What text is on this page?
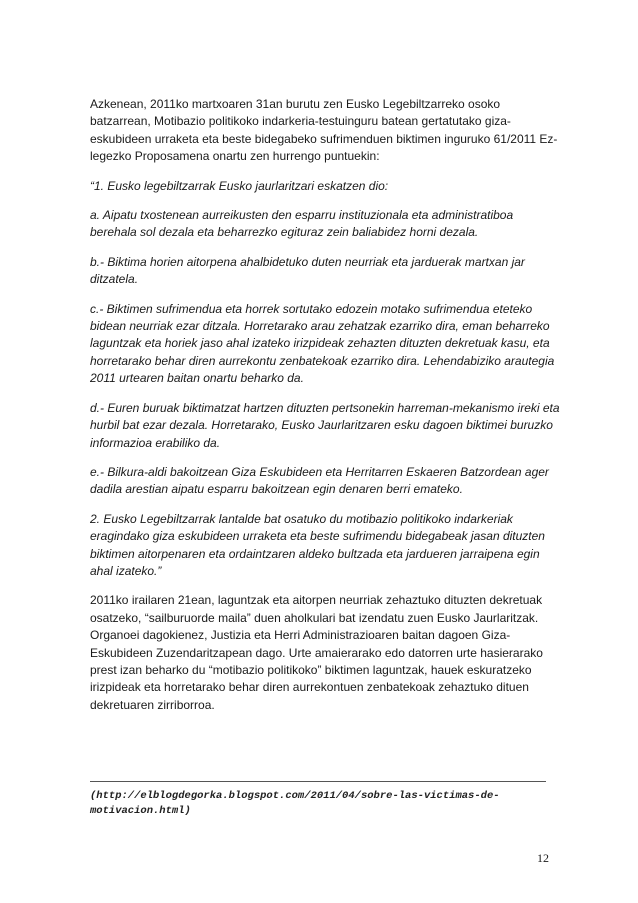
Azkenean, 2011ko martxoaren 31an burutu zen Eusko Legebiltzarreko osoko batzarrean, Motibazio politikoko indarkeria-testuinguru batean gertatutako giza-eskubideen urraketa eta beste bidegabeko sufrimenduen biktimen inguruko 61/2011 Ez-legezko Proposamena onartu zen hurrengo puntuekin:

“1. Eusko legebiltzarrak Eusko jaurlaritzari eskatzen dio:

a. Aipatu txostenean aurreikusten den esparru instituzionala eta administratiboa berehala sol dezala eta beharrezko egituraz zein baliabidez horni dezala.

b.- Biktima horien aitorpena ahalbidetuko duten neurriak eta jarduerak martxan jar ditzatela.

c.- Biktimen sufrimendua eta horrek sortutako edozein motako sufrimendua eteteko bidean neurriak ezar ditzala. Horretarako arau zehatzak ezarriko dira, eman beharreko laguntzak eta horiek jaso ahal izateko irizpideak zehazten dituzten dekretuak kasu, eta horretarako behar diren aurrekontu zenbatekoak ezarriko dira. Lehendabiziko arautegia 2011 urtearen baitan onartu beharko da.

d.- Euren buruak biktimatzat hartzen dituzten pertsonekin harreman-mekanismo ireki eta hurbil bat ezar dezala. Horretarako, Eusko Jaurlaritzaren esku dagoen biktimei buruzko informazioa erabiliko da.

e.- Bilkura-aldi bakoitzean Giza Eskubideen eta Herritarren Eskaeren Batzordean ager dadila arestian aipatu esparru bakoitzean egin denaren berri emateko.

2. Eusko Legebiltzarrak lantalde bat osatuko du motibazio politikoko indarkeriak eragindako giza eskubideen urraketa eta beste sufrimendu bidegabeak jasan dituzten biktimen aitorpenaren eta ordaintzaren aldeko bultzada eta jardueren jarraipena egin ahal izateko.”

2011ko irailaren 21ean, laguntzak eta aitorpen neurriak zehaztuko dituzten dekretuak osatzeko, “sailburuorde maila” duen aholkulari bat izendatu zuen Eusko Jaurlaritzak. Organoei dagokienez, Justizia eta Herri Administrazioaren baitan dagoen Giza-Eskubideen Zuzendaritzapean dago. Urte amaierarako edo datorren urte hasierarako prest izan beharko du “motibazio politikoko” biktimen laguntzak, hauek eskuratzeko irizpideak eta horretarako behar diren aurrekontuen zenbatekoak zehaztuko dituen dekretuaren zirriborroa.

(http://elblogdegorka.blogspot.com/2011/04/sobre-las-victimas-de-motivacion.html)
12
